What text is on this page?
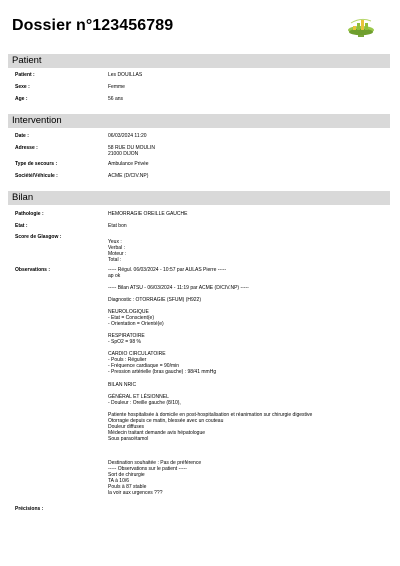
Dossier n°123456789
Patient
Patient :	Les DOUILLAS
Sexe :	Femme
Age :	56 ans
Intervention
Date :	06/03/2024 11:20
Adresse :	58 RUE DU MOULIN
21000 DIJON
Type de secours :	Ambulance Privée
Société/Véhicule :	ACME (D/CIV.NP)
Bilan
Pathologie :	HEMORRAGIE OREILLE GAUCHE
Etat :	Etat bon
Score de Glasgow :
Yeux :
Verbal :
Moteur :
Total :
Observations :	----- Régul. 06/03/2024 - 10:57 par AULAS Pierre -----
ap ok
----- Bilan ATSU - 06/03/2024 - 11:19 par ACME (D/CIV.NP) -----
Diagnostic : OTORRAGIE (SFUM) (H922)
NEUROLOGIQUE
- Etat = Conscient(e)
- Orientation = Orienté(e)
RESPIRATOIRE
- SpO2 = 98 %
CARDIO CIRCULATOIRE
- Pouls : Régulier
- Fréquence cardiaque = 90/min
- Pression artérielle (bras gauche) : 98/41 mmHg
BILAN NRIC
GÉNÉRAL ET LÉSIONNEL
- Douleur : Oreille gauche (8/10),
Patiente hospitalisée à domicile en post-hospitalisation et réanimation sur chirurgie digestive
Otorragie depuis ce matin, blessée avec un couteau
Douleur diffuses
Médecin traitant demande avis hépatologue
Sous paracétamol

Destination souhaitée : Pas de préférence
----- Observations sur le patient -----
Sort de chirurgie
TA à 10/6
Pouls à 87 stable
la voir aux urgences ???
Précisions :
